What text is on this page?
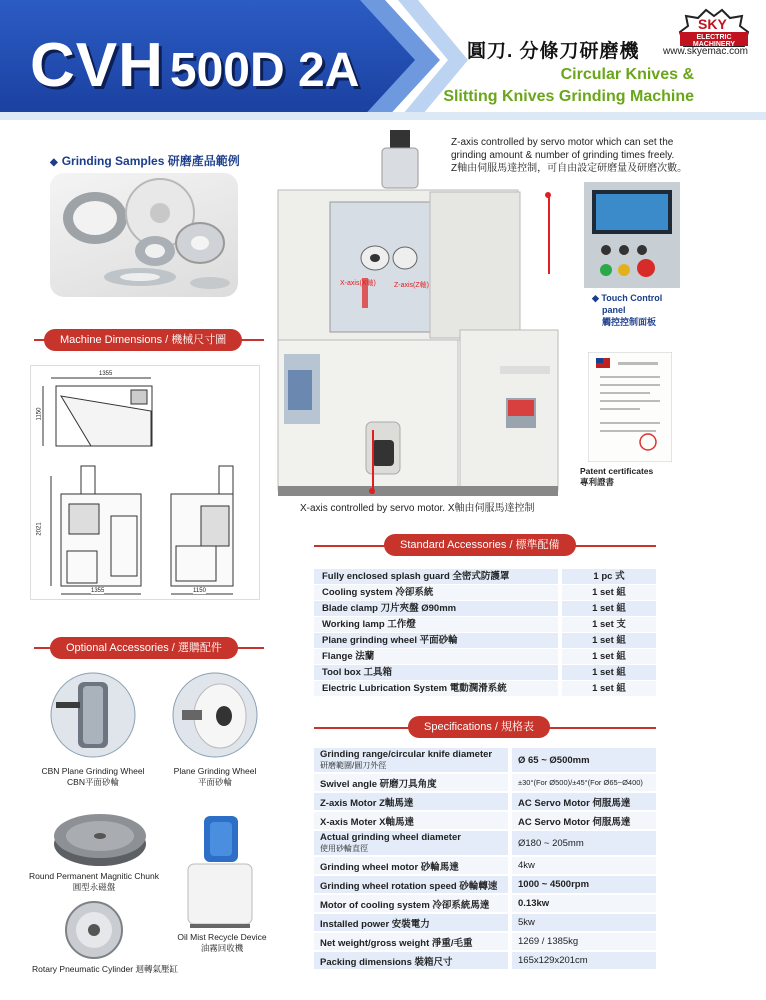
CVH 500D 2A	圓刀. 分條刀研磨機
Circular Knives &
Slitting Knives Grinding Machine
SKY
ELECTRIC
MACHINERY
www.skyemac.com
◆ Grinding Samples 研磨產品範例
Machine Dimensions / 機械尺寸圖
1355
1150
2021
1355	1150
Optional Accessories / 選購配件
CBN Plane Grinding Wheel
CBN平面砂輪
Plane Grinding Wheel
平面砂輪
Round Permanent Magnitic Chunk
圓型永磁盤
Oil Mist Recycle Device
油霧回收機
Rotary Pneumatic Cylinder 迴轉氣壓缸
X-axis(X軸)	Z-axis(Z軸)
Z-axis controlled by servo motor which can set the
grinding amount & number of grinding times freely.
Z軸由伺服馬達控制，可自由設定研磨量及研磨次數。
X-axis controlled by servo motor. X軸由伺服馬達控制
◆ Touch Control
panel
觸控控制面板
Patent certificates
專利證書
Standard Accessories / 標準配備
Fully enclosed splash guard 全密式防護罩	1 pc 式
Cooling system 冷卻系統	1 set 組
Blade clamp 刀片夾盤 Ø90mm	1 set 組
Working lamp 工作燈	1 set 支
Plane grinding wheel 平面砂輪	1 set 組
Flange 法蘭	1 set 組
Tool box 工具箱	1 set 組
Electric Lubrication System 電動潤滑系統	1 set 組
Specifications / 規格表
Grinding range/circular knife diameter
研磨範圍/圓刀外徑	Ø 65 ~ Ø500mm
Swivel angle 研磨刀具角度	±30°(For Ø500)/±45°(For Ø65~Ø400)
Z-axis Motor Z軸馬達	AC Servo Motor 伺服馬達
X-axis Moter X軸馬達	AC Servo Motor 伺服馬達
Actual grinding wheel diameter
使用砂輪直徑	Ø180 ~ 205mm
Grinding wheel motor 砂輪馬達	4kw
Grinding wheel rotation speed 砂輪轉速	1000 ~ 4500rpm
Motor of cooling system 冷卻系統馬達	0.13kw
Installed power 安裝電力	5kw
Net weight/gross weight 淨重/毛重	1269 / 1385kg
Packing dimensions 裝箱尺寸	165x129x201cm
